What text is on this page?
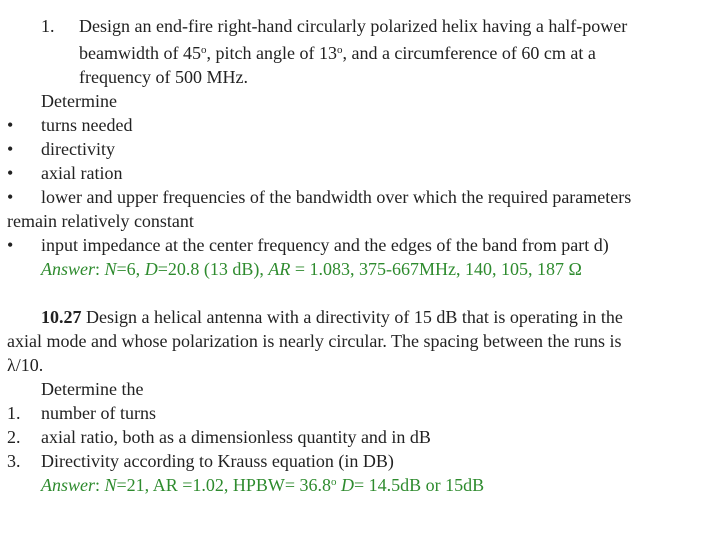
1. Design an end-fire right-hand circularly polarized helix having a half-power
beamwidth of 45$^o$, pitch angle of 13$^o$, and a circumference of 60 cm at a
frequency of 500 MHz.
Determine
• turns needed
• directivity
• axial ration
• lower and upper frequencies of the bandwidth over which the required parameters
remain relatively constant
• input impedance at the center frequency and the edges of the band from part d)
Answer: N=6, D=20.8 (13 dB), AR = 1.083, 375-667MHz, 140, 105, 187 Ω
10.27 Design a helical antenna with a directivity of 15 dB that is operating in the
axial mode and whose polarization is nearly circular. The spacing between the runs is
λ/10.
Determine the
1. number of turns
2. axial ratio, both as a dimensionless quantity and in dB
3. Directivity according to Krauss equation (in DB)
Answer: N=21, AR =1.02, HPBW= $36.8^o$ D= 14.5dB or 15dB
